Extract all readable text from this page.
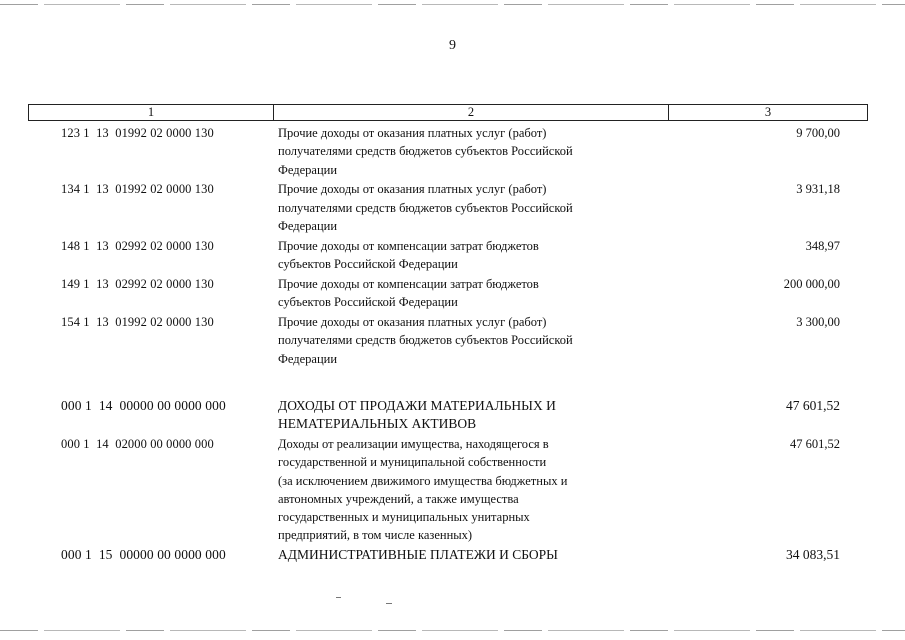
9
1	2	3
123 1  13  01992 02 0000 130	Прочие доходы от оказания платных услуг (работ)
получателями средств бюджетов субъектов Российской
Федерации
9 700,00
134 1  13  01992 02 0000 130	Прочие доходы от оказания платных услуг (работ)
получателями средств бюджетов субъектов Российской
Федерации
3 931,18
148 1  13  02992 02 0000 130	Прочие доходы от компенсации затрат бюджетов
субъектов Российской Федерации
348,97
149 1  13  02992 02 0000 130	Прочие доходы от компенсации затрат бюджетов
субъектов Российской Федерации
200 000,00
154 1  13  01992 02 0000 130	Прочие доходы от оказания платных услуг (работ)
получателями средств бюджетов субъектов Российской
Федерации
3 300,00
000 1  14  00000 00 0000 000	ДОХОДЫ ОТ ПРОДАЖИ МАТЕРИАЛЬНЫХ И
НЕМАТЕРИАЛЬНЫХ АКТИВОВ
47 601,52
000 1  14  02000 00 0000 000	Доходы от реализации имущества, находящегося в
государственной и муниципальной собственности
(за исключением движимого имущества бюджетных и
автономных учреждений, а также имущества
государственных и муниципальных унитарных
предприятий, в том числе казенных)
47 601,52
000 1  15  00000 00 0000 000	АДМИНИСТРАТИВНЫЕ ПЛАТЕЖИ И СБОРЫ	34 083,51
